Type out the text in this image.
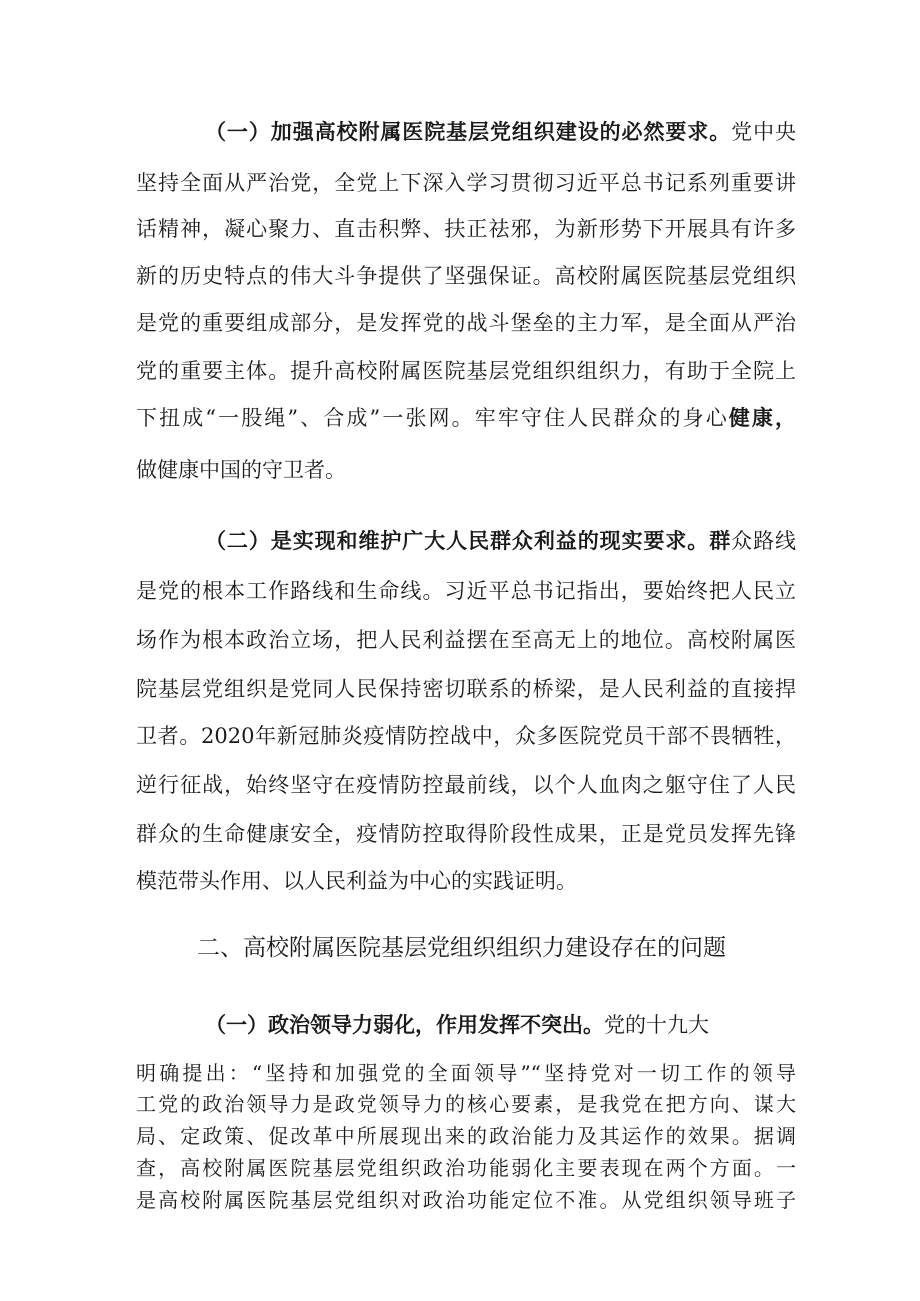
（一）加强高校附属医院基层党组织建设的必然要求。党中央
坚持全面从严治党，全党上下深入学习贯彻习近平总书记系列重要讲
话精神，凝心聚力、直击积弊、扶正祛邪，为新形势下开展具有许多
新的历史特点的伟大斗争提供了坚强保证。高校附属医院基层党组织
是党的重要组成部分，是发挥党的战斗堡垒的主力军，是全面从严治
党的重要主体。提升高校附属医院基层党组织组织力，有助于全院上
下扭成“一股绳”、合成”一张网。牢牢守住人民群众的身心健康，
做健康中国的守卫者。
（二）是实现和维护广大人民群众利益的现实要求。群众路线
是党的根本工作路线和生命线。习近平总书记指出，要始终把人民立
场作为根本政治立场，把人民利益摆在至高无上的地位。高校附属医
院基层党组织是党同人民保持密切联系的桥梁，是人民利益的直接捍
卫者。2020年新冠肺炎疫情防控战中，众多医院党员干部不畏牺牲，
逆行征战，始终坚守在疫情防控最前线，以个人血肉之躯守住了人民
群众的生命健康安全，疫情防控取得阶段性成果，正是党员发挥先锋
模范带头作用、以人民利益为中心的实践证明。
二、高校附属医院基层党组织组织力建设存在的问题
（一）政治领导力弱化，作用发挥不突出。党的十九大
明确提出：“坚持和加强党的全面领导”“坚持党对一切工作的领导
工党的政治领导力是政党领导力的核心要素，是我党在把方向、谋大
局、定政策、促改革中所展现出来的政治能力及其运作的效果。据调
查，高校附属医院基层党组织政治功能弱化主要表现在两个方面。一
是高校附属医院基层党组织对政治功能定位不准。从党组织领导班子
